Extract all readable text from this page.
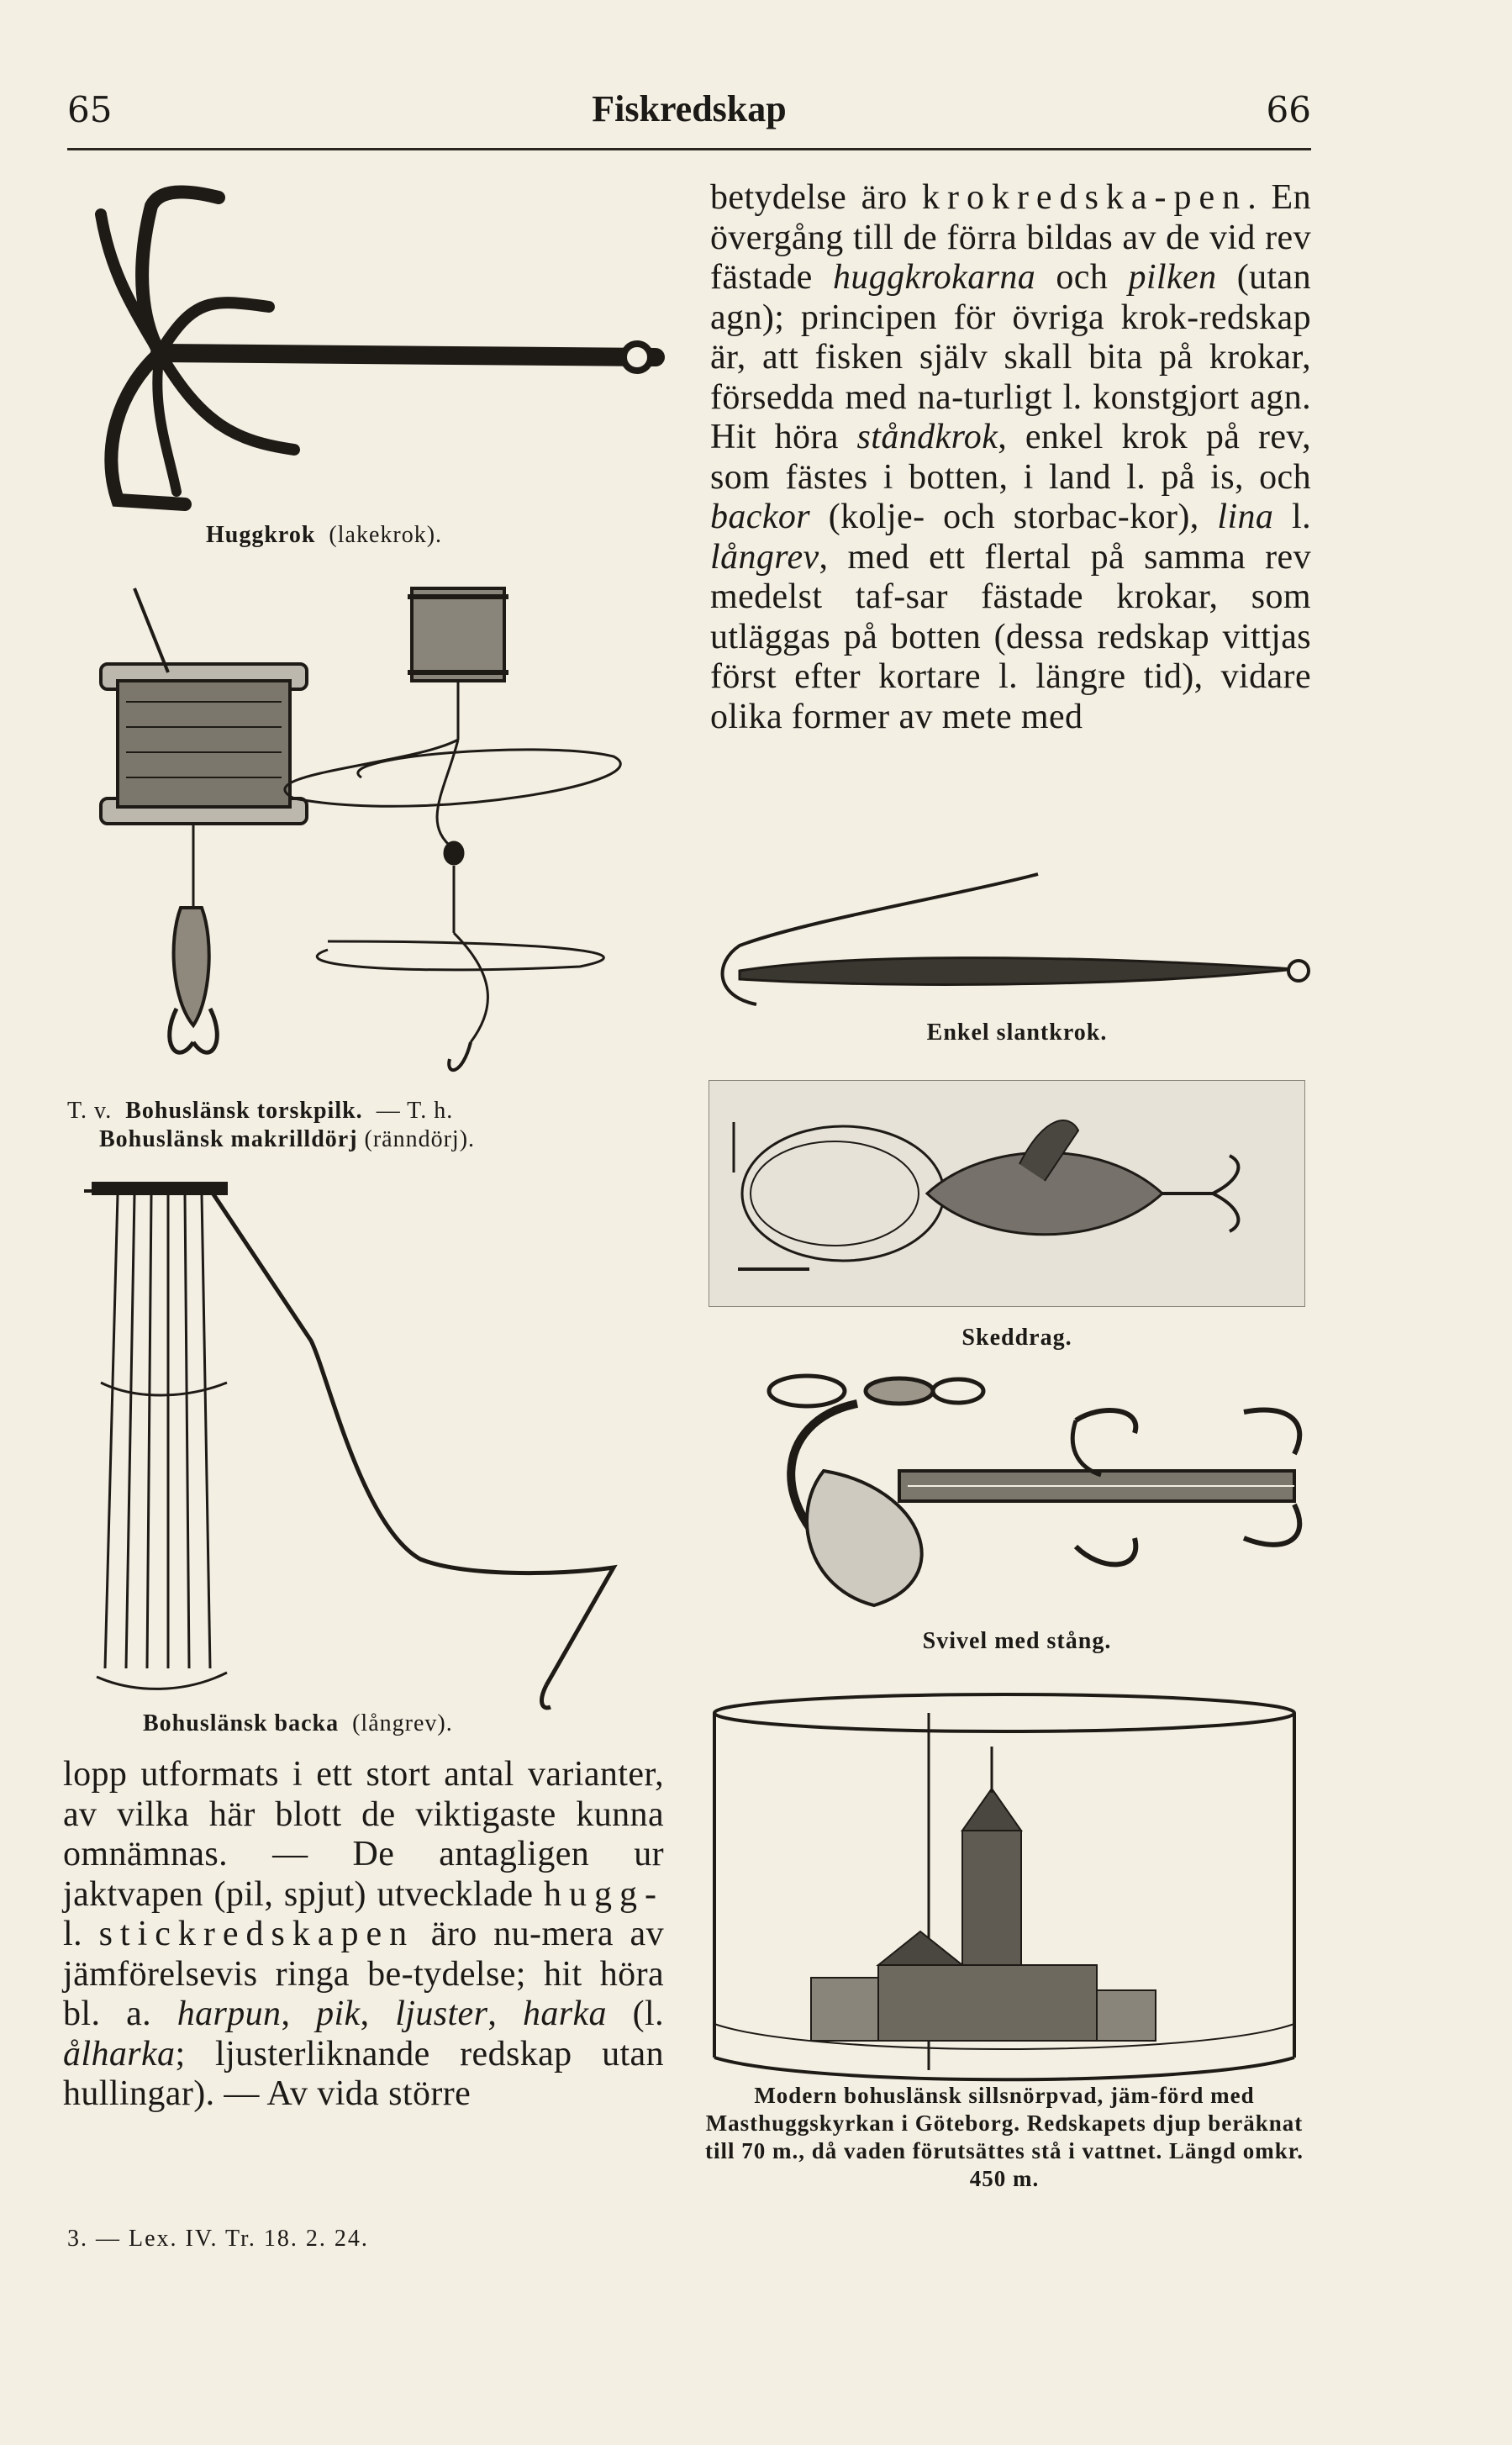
65	Fiskredskap	66
Huggkrok (lakekrok).
T. v. Bohuslänsk torskpilk. — T. h.
Bohuslänsk makrilldörj (ränndörj).
Bohuslänsk backa (långrev).

lopp utformats i ett stort antal varianter, av vilka här blott de viktigaste kunna omnämnas. — De antagligen ur jaktvapen (pil, spjut) utvecklade hugg- l. stickredskapen äro nu-mera av jämförelsevis ringa be-tydelse; hit höra bl. a. harpun, pik, ljuster, harka (l. ålharka; ljusterliknande redskap utan hullingar). — Av vida större

betydelse äro krokredska-pen. En övergång till de förra bildas av de vid rev fästade huggkrokarna och pilken (utan agn); principen för övriga krok-redskap är, att fisken själv skall bita på krokar, försedda med na-turligt l. konstgjort agn. Hit höra ståndkrok, enkel krok på rev, som fästes i botten, i land l. på is, och backor (kolje- och storbac-kor), lina l. långrev, med ett flertal på samma rev medelst taf-sar fästade krokar, som utläggas på botten (dessa redskap vittjas först efter kortare l. längre tid), vidare olika former av mete med

Enkel slantkrok.
Skeddrag.
Svivel med stång.
Modern bohuslänsk sillsnörpvad, jäm-förd med Masthuggskyrkan i Göteborg. Redskapets djup beräknat till 70 m., då vaden förutsättes stå i vattnet. Längd omkr. 450 m.
3. — Lex. IV. Tr. 18. 2. 24.
